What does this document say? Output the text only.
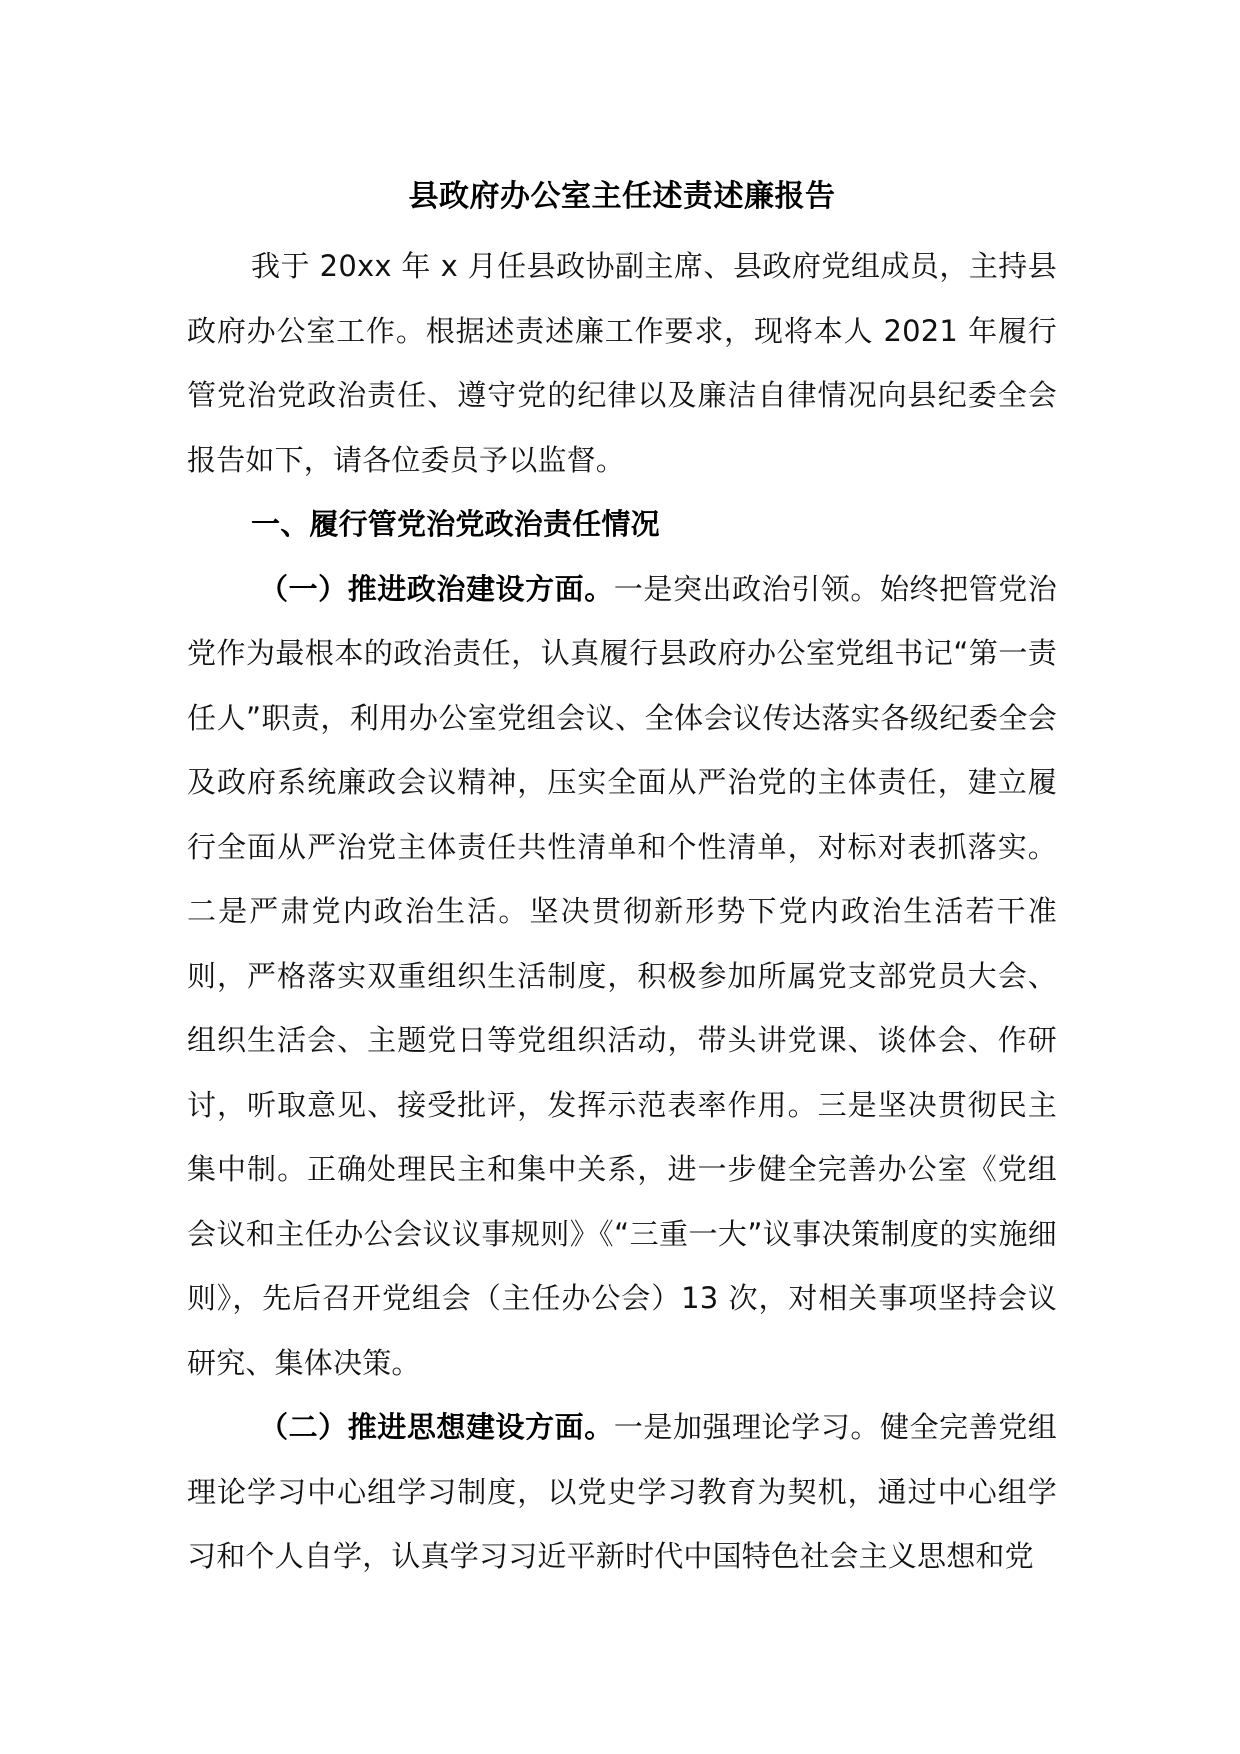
县政府办公室主任述责述廉报告

我于 20xx 年 x 月任县政协副主席、县政府党组成员，主持县政府办公室工作。根据述责述廉工作要求，现将本人 2021 年履行管党治党政治责任、遵守党的纪律以及廉洁自律情况向县纪委全会报告如下，请各位委员予以监督。

一、履行管党治党政治责任情况

（一）推进政治建设方面。一是突出政治引领。始终把管党治党作为最根本的政治责任，认真履行县政府办公室党组书记“第一责任人”职责，利用办公室党组会议、全体会议传达落实各级纪委全会及政府系统廉政会议精神，压实全面从严治党的主体责任，建立履行全面从严治党主体责任共性清单和个性清单，对标对表抓落实。二是严肃党内政治生活。坚决贯彻新形势下党内政治生活若干准则，严格落实双重组织生活制度，积极参加所属党支部党员大会、组织生活会、主题党日等党组织活动，带头讲党课、谈体会、作研讨，听取意见、接受批评，发挥示范表率作用。三是坚决贯彻民主集中制。正确处理民主和集中关系，进一步健全完善办公室《党组会议和主任办公会议议事规则》《“三重一大”议事决策制度的实施细则》，先后召开党组会（主任办公会）13 次，对相关事项坚持会议研究、集体决策。

（二）推进思想建设方面。一是加强理论学习。健全完善党组理论学习中心组学习制度，以党史学习教育为契机，通过中心组学习和个人自学，认真学习习近平新时代中国特色社会主义思想和党
